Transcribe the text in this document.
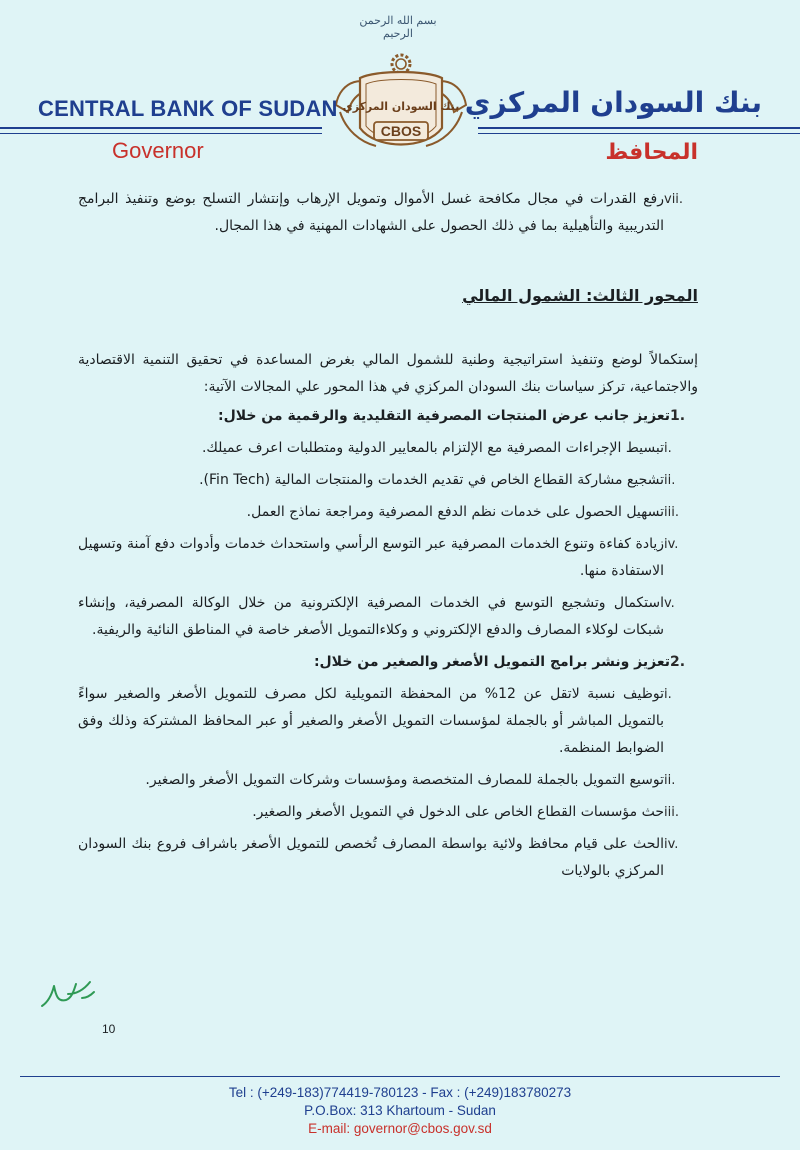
بسم الله الرحمن الرحيم
بنك السودان المركزي
CBOS
CENTRAL BANK OF SUDAN	بنك السودان المركزي
Governor	المحافظ
vii.
رفع القدرات في مجال مكافحة غسل الأموال وتمويل الإرهاب وإنتشار التسلح بوضع وتنفيذ البرامج التدريبية والتأهيلية بما في ذلك الحصول على الشهادات المهنية في هذا المجال.
المحور الثالث: الشمول المالي
إستكمالاً لوضع وتنفيذ استراتيجية وطنية للشمول المالي بغرض المساعدة في تحقيق التنمية الاقتصادية والاجتماعية، تركز سياسات بنك السودان المركزي في هذا المحور علي المجالات الآتية:
1.
تعزيز جانب عرض المنتجات المصرفية التقليدية والرقمية من خلال:
i.
تبسيط الإجراءات المصرفية مع الإلتزام بالمعايير الدولية ومتطلبات اعرف عميلك.
ii.
تشجيع مشاركة القطاع الخاص في تقديم الخدمات والمنتجات المالية (Fin Tech).
iii.
تسهيل الحصول على خدمات نظم الدفع المصرفية ومراجعة نماذج العمل.
iv.
زيادة كفاءة وتنوع الخدمات المصرفية عبر التوسع الرأسي واستحداث خدمات وأدوات دفع آمنة وتسهيل الاستفادة منها.
v.
استكمال وتشجيع التوسع في الخدمات المصرفية الإلكترونية من خلال الوكالة المصرفية، وإنشاء شبكات لوكلاء المصارف والدفع الإلكتروني و وكلاءالتمويل الأصغر خاصة في المناطق النائية والريفية.
2.
تعزيز ونشر برامج التمويل الأصغر والصغير من خلال:
i.
توظيف نسبة لاتقل عن 12% من المحفظة التمويلية لكل مصرف للتمويل الأصغر والصغير سواءً بالتمويل المباشر أو بالجملة لمؤسسات التمويل الأصغر والصغير أو عبر المحافظ المشتركة وذلك وفق الضوابط المنظمة.
ii.
توسيع التمويل بالجملة للمصارف المتخصصة ومؤسسات وشركات التمويل الأصغر والصغير.
iii.
حث مؤسسات القطاع الخاص على الدخول في التمويل الأصغر والصغير.
iv.
الحث على قيام محافظ ولائية بواسطة المصارف تُخصص للتمويل الأصغر باشراف فروع بنك السودان المركزي بالولايات
10
Tel : (+249-183)774419-780123 - Fax : (+249)183780273
P.O.Box: 313 Khartoum - Sudan
E-mail: governor@cbos.gov.sd
